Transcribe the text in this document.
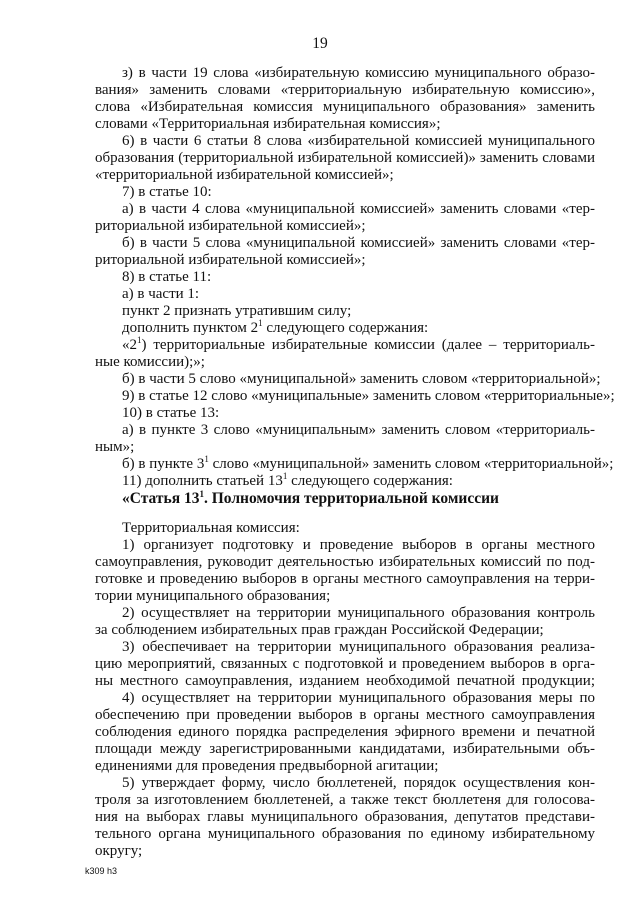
19
з) в части 19 слова «избирательную комиссию муниципального образо-
вания» заменить словами «территориальную избирательную комиссию»,
слова «Избирательная комиссия муниципального образования» заменить
словами «Территориальная избирательная комиссия»;
6) в части 6 статьи 8 слова «избирательной комиссией муниципального
образования (территориальной избирательной комиссией)» заменить словами
«территориальной избирательной комиссией»;
7) в статье 10:
а) в части 4 слова «муниципальной комиссией» заменить словами «тер-
риториальной избирательной комиссией»;
б) в части 5 слова «муниципальной комиссией» заменить словами «тер-
риториальной избирательной комиссией»;
8) в статье 11:
а) в части 1:
пункт 2 признать утратившим силу;
дополнить пунктом $2^1$ следующего содержания:
«$2^1$) территориальные избирательные комиссии (далее – территориаль-
ные комиссии);»;
б) в части 5 слово «муниципальной» заменить словом «территориальной»;
9) в статье 12 слово «муниципальные» заменить словом «территориальные»;
10) в статье 13:
а) в пункте 3 слово «муниципальным» заменить словом «территориаль-
ным»;
б) в пункте $3^1$ слово «муниципальной» заменить словом «территориальной»;
11) дополнить статьей $13^1$ следующего содержания:
«Статья $13^1$. Полномочия территориальной комиссии
Территориальная комиссия:
1) организует подготовку и проведение выборов в органы местного
самоуправления, руководит деятельностью избирательных комиссий по под-
готовке и проведению выборов в органы местного самоуправления на терри-
тории муниципального образования;
2) осуществляет на территории муниципального образования контроль
за соблюдением избирательных прав граждан Российской Федерации;
3) обеспечивает на территории муниципального образования реализа-
цию мероприятий, связанных с подготовкой и проведением выборов в орга-
ны местного самоуправления, изданием необходимой печатной продукции;
4) осуществляет на территории муниципального образования меры по
обеспечению при проведении выборов в органы местного самоуправления
соблюдения единого порядка распределения эфирного времени и печатной
площади между зарегистрированными кандидатами, избирательными объ-
единениями для проведения предвыборной агитации;
5) утверждает форму, число бюллетеней, порядок осуществления кон-
троля за изготовлением бюллетеней, а также текст бюллетеня для голосова-
ния на выборах главы муниципального образования, депутатов представи-
тельного органа муниципального образования по единому избирательному
округу;
k309 h3
